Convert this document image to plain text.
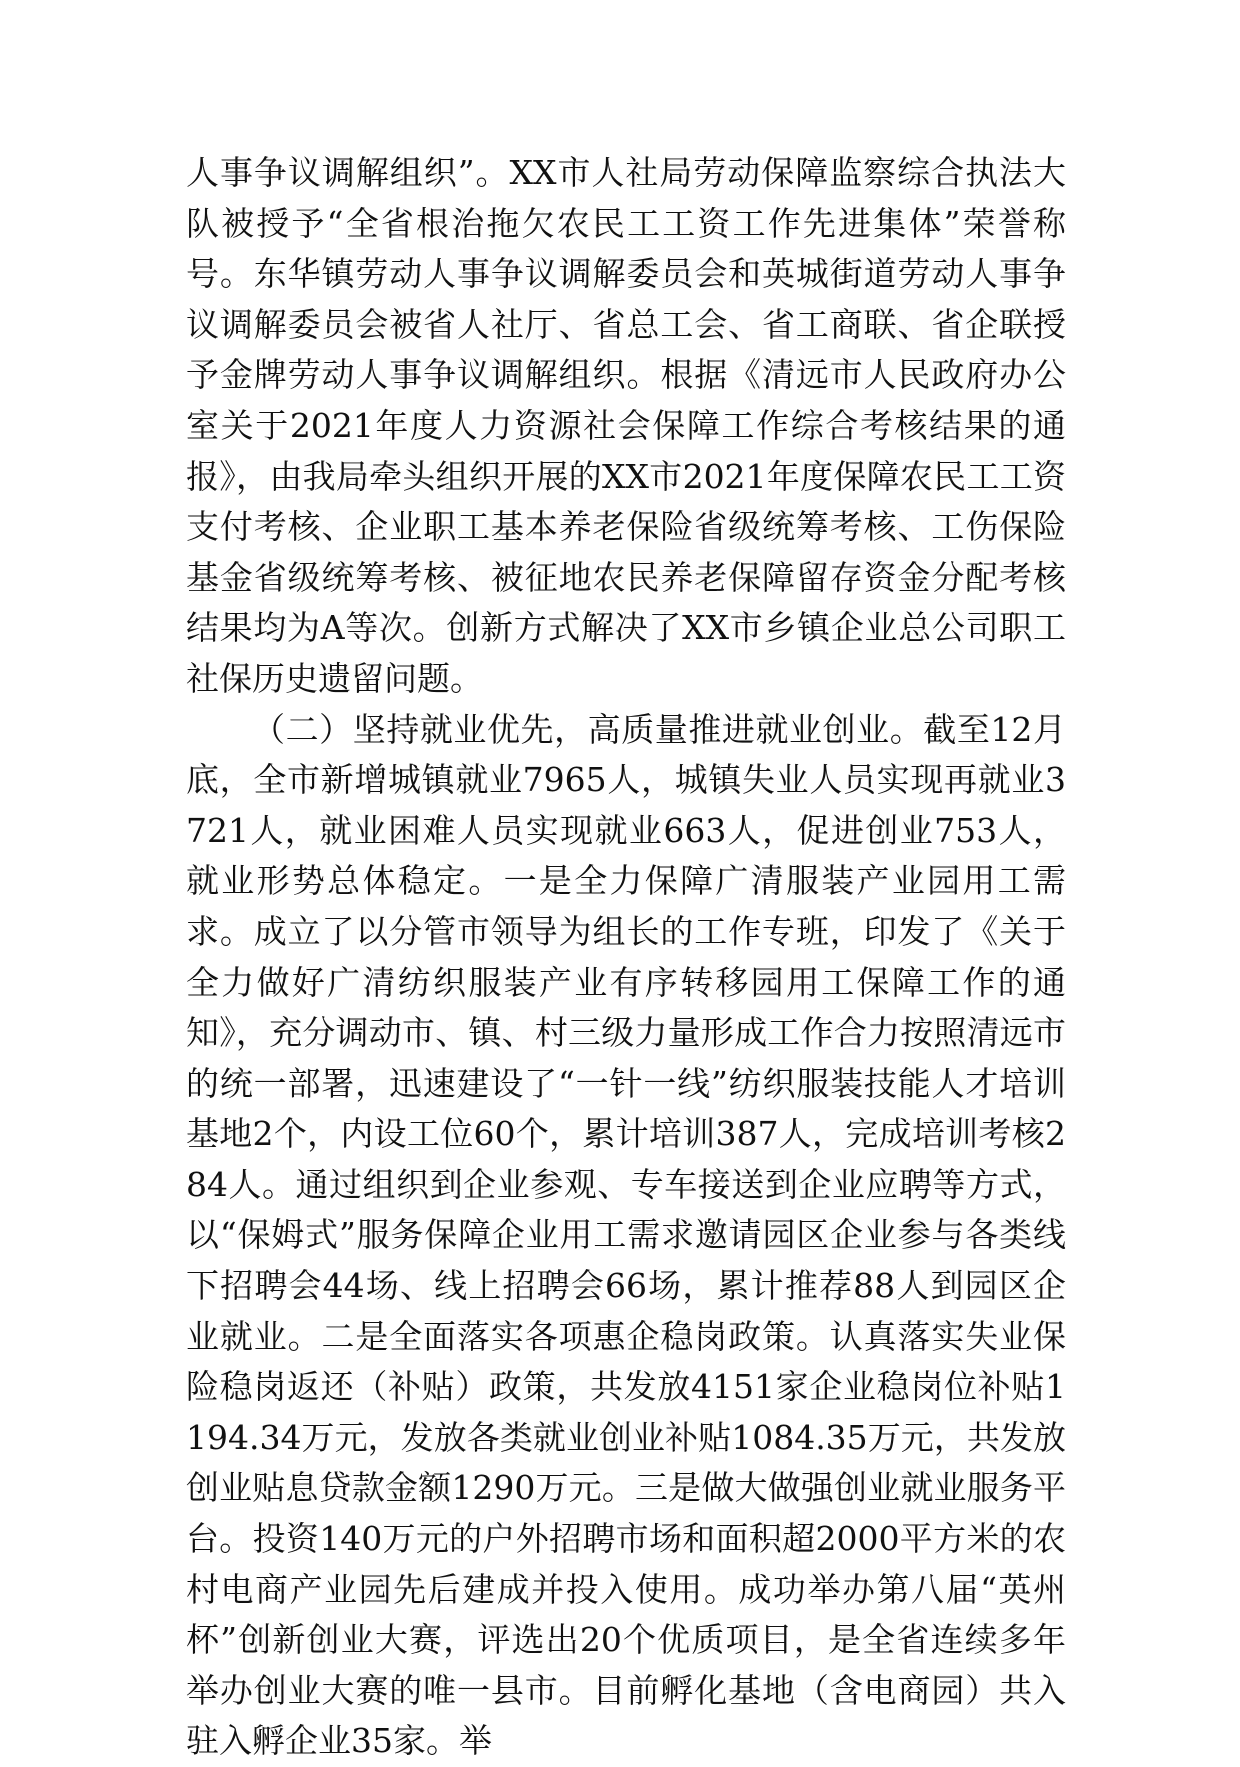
人事争议调解组织”。XX市人社局劳动保障监察综合执法大队被授予“全省根治拖欠农民工工资工作先进集体”荣誉称号。东华镇劳动人事争议调解委员会和英城街道劳动人事争议调解委员会被省人社厅、省总工会、省工商联、省企联授予金牌劳动人事争议调解组织。根据《清远市人民政府办公室关于2021年度人力资源社会保障工作综合考核结果的通报》，由我局牵头组织开展的XX市2021年度保障农民工工资支付考核、企业职工基本养老保险省级统筹考核、工伤保险基金省级统筹考核、被征地农民养老保障留存资金分配考核结果均为A等次。创新方式解决了XX市乡镇企业总公司职工社保历史遗留问题。

（二）坚持就业优先，高质量推进就业创业。截至12月底，全市新增城镇就业7965人，城镇失业人员实现再就业3721人，就业困难人员实现就业663人，促进创业753人，就业形势总体稳定。一是全力保障广清服装产业园用工需求。成立了以分管市领导为组长的工作专班，印发了《关于全力做好广清纺织服装产业有序转移园用工保障工作的通知》，充分调动市、镇、村三级力量形成工作合力按照清远市的统一部署，迅速建设了“一针一线”纺织服装技能人才培训基地2个，内设工位60个，累计培训387人，完成培训考核284人。通过组织到企业参观、专车接送到企业应聘等方式，以“保姆式”服务保障企业用工需求邀请园区企业参与各类线下招聘会44场、线上招聘会66场，累计推荐88人到园区企业就业。二是全面落实各项惠企稳岗政策。认真落实失业保险稳岗返还（补贴）政策，共发放4151家企业稳岗位补贴1194.34万元，发放各类就业创业补贴1084.35万元，共发放创业贴息贷款金额1290万元。三是做大做强创业就业服务平台。投资140万元的户外招聘市场和面积超2000平方米的农村电商产业园先后建成并投入使用。成功举办第八届“英州杯”创新创业大赛，评选出20个优质项目，是全省连续多年举办创业大赛的唯一县市。目前孵化基地（含电商园）共入驻入孵企业35家。举
